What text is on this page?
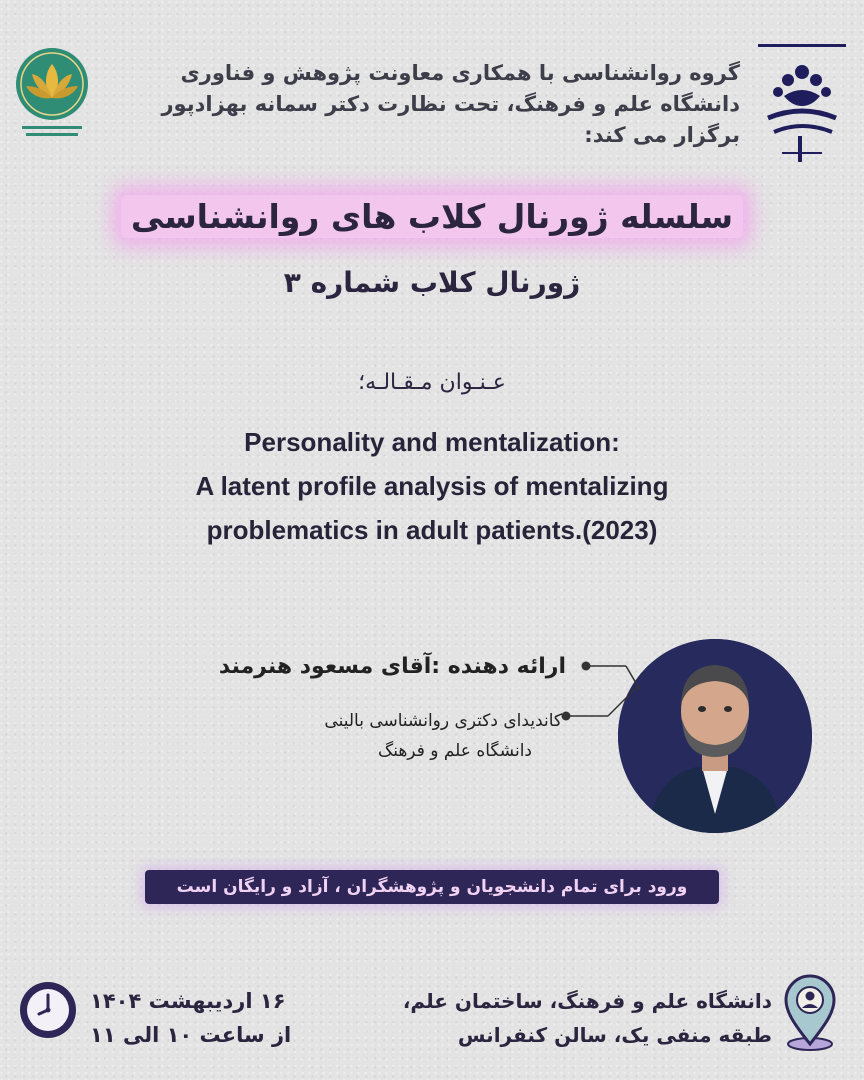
گروه روانشناسی با همکاری معاونت پژوهش و فناوری
دانشگاه علم و فرهنگ، تحت نظارت دکتر سمانه بهزادپور
برگزار می کند:
سلسله ژورنال کلاب های روانشناسی
ژورنال کلاب شماره ۳
عـنـوان مـقـالـه؛
Personality and mentalization:
A latent profile analysis of mentalizing
problematics in adult patients.(2023)
ارائه دهنده :آقای مسعود هنرمند
کاندیدای دکتری روانشناسی بالینی
دانشگاه علم و فرهنگ
ورود برای تمام دانشجویان و پژوهشگران ، آزاد و رایگان است
۱۶ اردیبهشت ۱۴۰۴
از ساعت ۱۰ الی ۱۱
دانشگاه علم و فرهنگ، ساختمان علم،
طبقه منفی یک، سالن کنفرانس
